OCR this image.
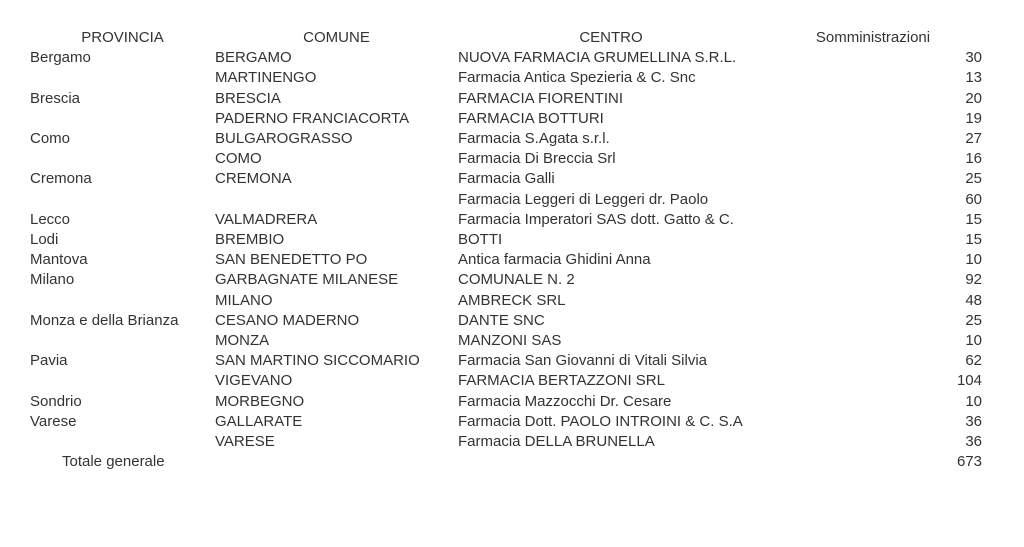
PROVINCIA	COMUNE	CENTRO	Somministrazioni
Bergamo	BERGAMO	NUOVA FARMACIA GRUMELLINA S.R.L.	30
	MARTINENGO	Farmacia Antica Spezieria & C. Snc	13
Brescia	BRESCIA	FARMACIA FIORENTINI	20
	PADERNO FRANCIACORTA	FARMACIA BOTTURI	19
Como	BULGAROGRASSO	Farmacia S.Agata s.r.l.	27
	COMO	Farmacia Di Breccia Srl	16
Cremona	CREMONA	Farmacia Galli	25
		Farmacia Leggeri di Leggeri dr. Paolo	60
Lecco	VALMADRERA	Farmacia Imperatori SAS dott. Gatto & C.	15
Lodi	BREMBIO	BOTTI	15
Mantova	SAN BENEDETTO PO	Antica farmacia Ghidini Anna	10
Milano	GARBAGNATE MILANESE	COMUNALE N. 2	92
	MILANO	AMBRECK SRL	48
Monza e della Brianza	CESANO MADERNO	DANTE SNC	25
	MONZA	MANZONI SAS	10
Pavia	SAN MARTINO SICCOMARIO	Farmacia San Giovanni di Vitali Silvia	62
	VIGEVANO	FARMACIA BERTAZZONI SRL	104
Sondrio	MORBEGNO	Farmacia Mazzocchi Dr. Cesare	10
Varese	GALLARATE	Farmacia Dott. PAOLO INTROINI & C. S.A	36
	VARESE	Farmacia DELLA BRUNELLA	36
Totale generale			673
